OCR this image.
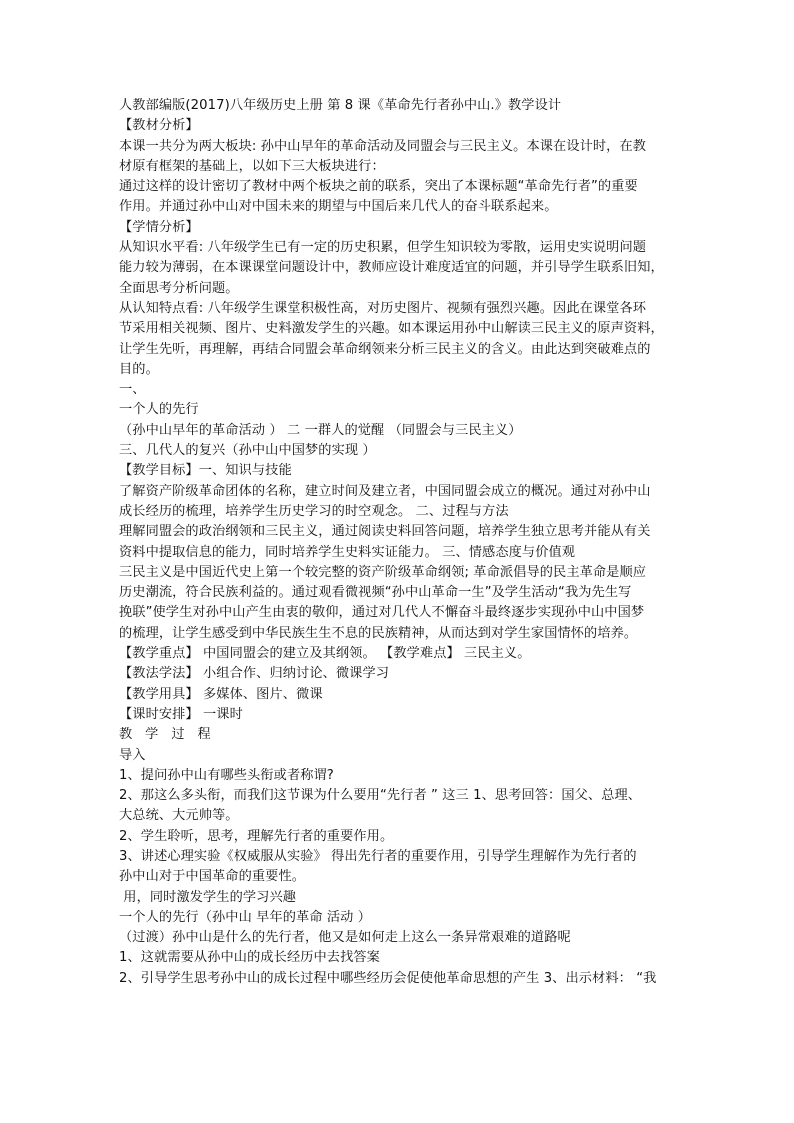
人教部编版(2017)八年级历史上册 第 8 课《革命先行者孙中山.》教学设计
【教材分析】
本课一共分为两大板块: 孙中山早年的革命活动及同盟会与三民主义。本课在设计时，在教
材原有框架的基础上，以如下三大板块进行：
通过这样的设计密切了教材中两个板块之前的联系，突出了本课标题“革命先行者”的重要
作用。并通过孙中山对中国未来的期望与中国后来几代人的奋斗联系起来。
【学情分析】
从知识水平看: 八年级学生已有一定的历史积累，但学生知识较为零散，运用史实说明问题
能力较为薄弱，在本课课堂问题设计中，教师应设计难度适宜的问题，并引导学生联系旧知，
全面思考分析问题。
从认知特点看: 八年级学生课堂积极性高，对历史图片、视频有强烈兴趣。因此在课堂各环
节采用相关视频、图片、史料激发学生的兴趣。如本课运用孙中山解读三民主义的原声资料，
让学生先听，再理解，再结合同盟会革命纲领来分析三民主义的含义。由此达到突破难点的
目的。
一、
一个人的先行
（孙中山早年的革命活动 ） 二 一群人的觉醒 （同盟会与三民主义）
三、几代人的复兴（孙中山中国梦的实现 ）
【教学目标】一、知识与技能
了解资产阶级革命团体的名称，建立时间及建立者，中国同盟会成立的概况。通过对孙中山
成长经历的梳理，培养学生历史学习的时空观念。 二、过程与方法
理解同盟会的政治纲领和三民主义，通过阅读史料回答问题，培养学生独立思考并能从有关
资料中提取信息的能力，同时培养学生史料实证能力。 三、情感态度与价值观
三民主义是中国近代史上第一个较完整的资产阶级革命纲领; 革命派倡导的民主革命是顺应
历史潮流，符合民族利益的。通过观看微视频“孙中山革命一生”及学生活动“我为先生写
挽联”使学生对孙中山产生由衷的敬仰，通过对几代人不懈奋斗最终逐步实现孙中山中国梦
的梳理，让学生感受到中华民族生生不息的民族精神，从而达到对学生家国情怀的培养。
【教学重点】 中国同盟会的建立及其纲领。 【教学难点】 三民主义。
【教法学法】 小组合作、归纳讨论、微课学习
【教学用具】 多媒体、图片、微课
【课时安排】 一课时
教   学   过   程
导入
1、提问孙中山有哪些头衔或者称谓?
2、那这么多头衔，而我们这节课为什么要用“先行者 ” 这三 1、思考回答：国父、总理、
大总统、大元帅等。
2、学生聆听，思考，理解先行者的重要作用。
3、讲述心理实验《权威服从实验》 得出先行者的重要作用，引导学生理解作为先行者的
孙中山对于中国革命的重要性。
用，同时激发学生的学习兴趣
一个人的先行（孙中山 早年的革命 活动 ）
（过渡）孙中山是什么的先行者，他又是如何走上这么一条异常艰难的道路呢
1、这就需要从孙中山的成长经历中去找答案
2、引导学生思考孙中山的成长过程中哪些经历会促使他革命思想的产生 3、出示材料： “我
